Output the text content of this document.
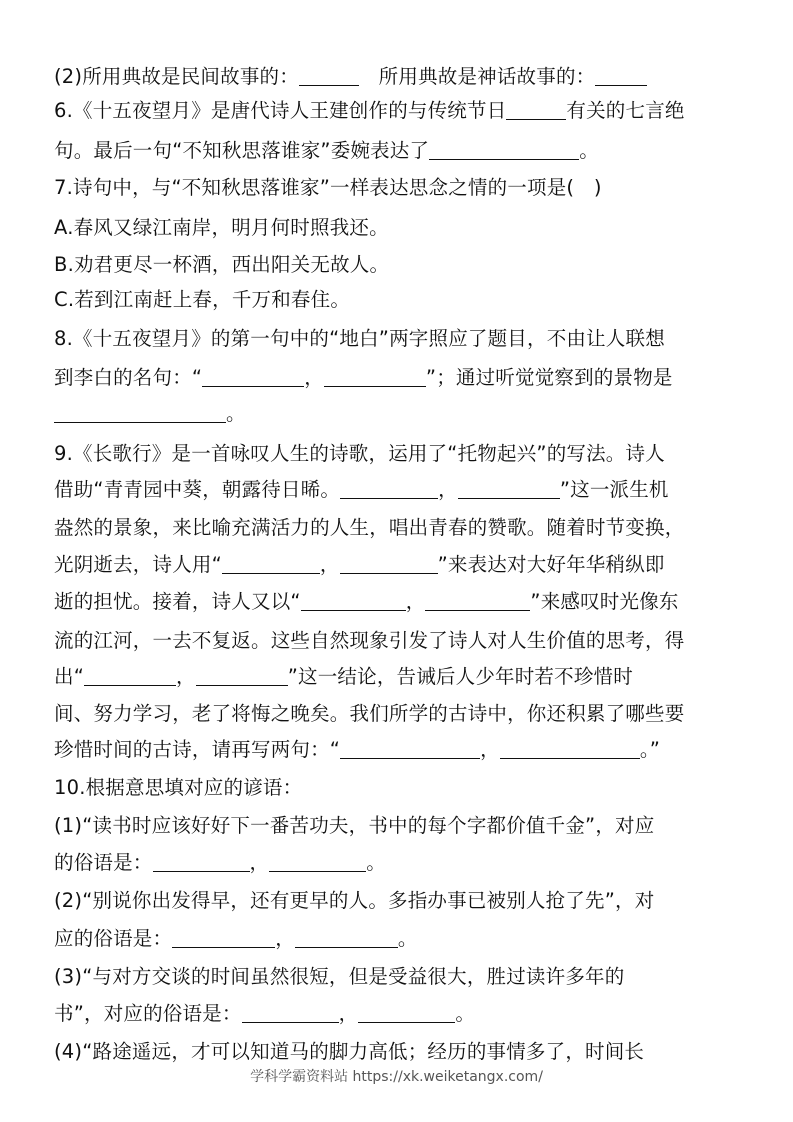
(2)所用典故是民间故事的：	　所用典故是神话故事的：
6.《十五夜望月》是唐代诗人王建创作的与传统节日	有关的七言绝
句。最后一句“不知秋思落谁家”委婉表达了	。
7.诗句中，与“不知秋思落谁家”一样表达思念之情的一项是(　)
A.春风又绿江南岸，明月何时照我还。
B.劝君更尽一杯酒，西出阳关无故人。
C.若到江南赶上春，千万和春住。
8.《十五夜望月》的第一句中的“地白”两字照应了题目，不由让人联想
到李白的名句：“	，	”；通过听觉觉察到的景物是
。
9.《长歌行》是一首咏叹人生的诗歌，运用了“托物起兴”的写法。诗人
借助“青青园中葵，朝露待日晞。	，	”这一派生机
盎然的景象，来比喻充满活力的人生，唱出青春的赞歌。随着时节变换，
光阴逝去，诗人用“	，	”来表达对大好年华稍纵即
逝的担忧。接着，诗人又以“	，	”来感叹时光像东
流的江河，一去不复返。这些自然现象引发了诗人对人生价值的思考，得
出“	，	”这一结论，告诫后人少年时若不珍惜时
间、努力学习，老了将悔之晚矣。我们所学的古诗中，你还积累了哪些要
珍惜时间的古诗，请再写两句：“	，	。”
10.根据意思填对应的谚语：
(1)“读书时应该好好下一番苦功夫，书中的每个字都价值千金”，对应
的俗语是：	，	。
(2)“别说你出发得早，还有更早的人。多指办事已被别人抢了先”，对
应的俗语是：	，	。
(3)“与对方交谈的时间虽然很短，但是受益很大，胜过读许多年的
书”，对应的俗语是：	，	。
(4)“路途遥远，才可以知道马的脚力高低；经历的事情多了，时间长
学科学霸资料站 https://xk.weiketangx.com/
